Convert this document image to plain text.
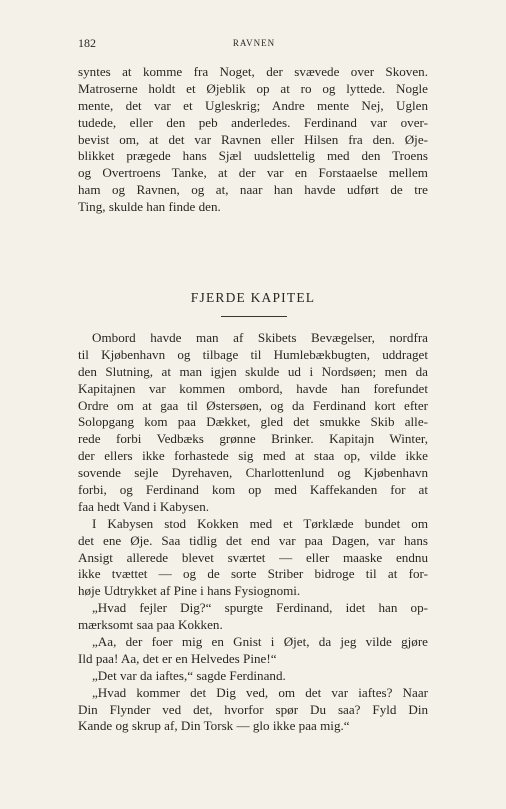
182	RAVNEN
syntes at komme fra Noget, der svævede over Skoven.
Matroserne holdt et Øjeblik op at ro og lyttede. Nogle
mente, det var et Ugleskrig; Andre mente Nej, Uglen
tudede, eller den peb anderledes. Ferdinand var over-
bevist om, at det var Ravnen eller Hilsen fra den. Øje-
blikket prægede hans Sjæl uudslettelig med den Troens
og Overtroens Tanke, at der var en Forstaaelse mellem
ham og Ravnen, og at, naar han havde udført de tre
Ting, skulde han finde den.
FJERDE KAPITEL
Ombord havde man af Skibets Bevægelser, nordfra
til Kjøbenhavn og tilbage til Humlebækbugten, uddraget
den Slutning, at man igjen skulde ud i Nordsøen; men da
Kapitajnen var kommen ombord, havde han forefundet
Ordre om at gaa til Østersøen, og da Ferdinand kort efter
Solopgang kom paa Dækket, gled det smukke Skib alle-
rede forbi Vedbæks grønne Brinker. Kapitajn Winter,
der ellers ikke forhastede sig med at staa op, vilde ikke
sovende sejle Dyrehaven, Charlottenlund og Kjøbenhavn
forbi, og Ferdinand kom op med Kaffekanden for at
faa hedt Vand i Kabysen.
I Kabysen stod Kokken med et Tørklæde bundet om
det ene Øje. Saa tidlig det end var paa Dagen, var hans
Ansigt allerede blevet sværtet — eller maaske endnu
ikke tvættet — og de sorte Striber bidroge til at for-
høje Udtrykket af Pine i hans Fysiognomi.
„Hvad fejler Dig?“ spurgte Ferdinand, idet han op-
mærksomt saa paa Kokken.
„Aa, der foer mig en Gnist i Øjet, da jeg vilde gjøre
Ild paa! Aa, det er en Helvedes Pine!“
„Det var da iaftes,“ sagde Ferdinand.
„Hvad kommer det Dig ved, om det var iaftes? Naar
Din Flynder ved det, hvorfor spør Du saa? Fyld Din
Kande og skrup af, Din Torsk — glo ikke paa mig.“
